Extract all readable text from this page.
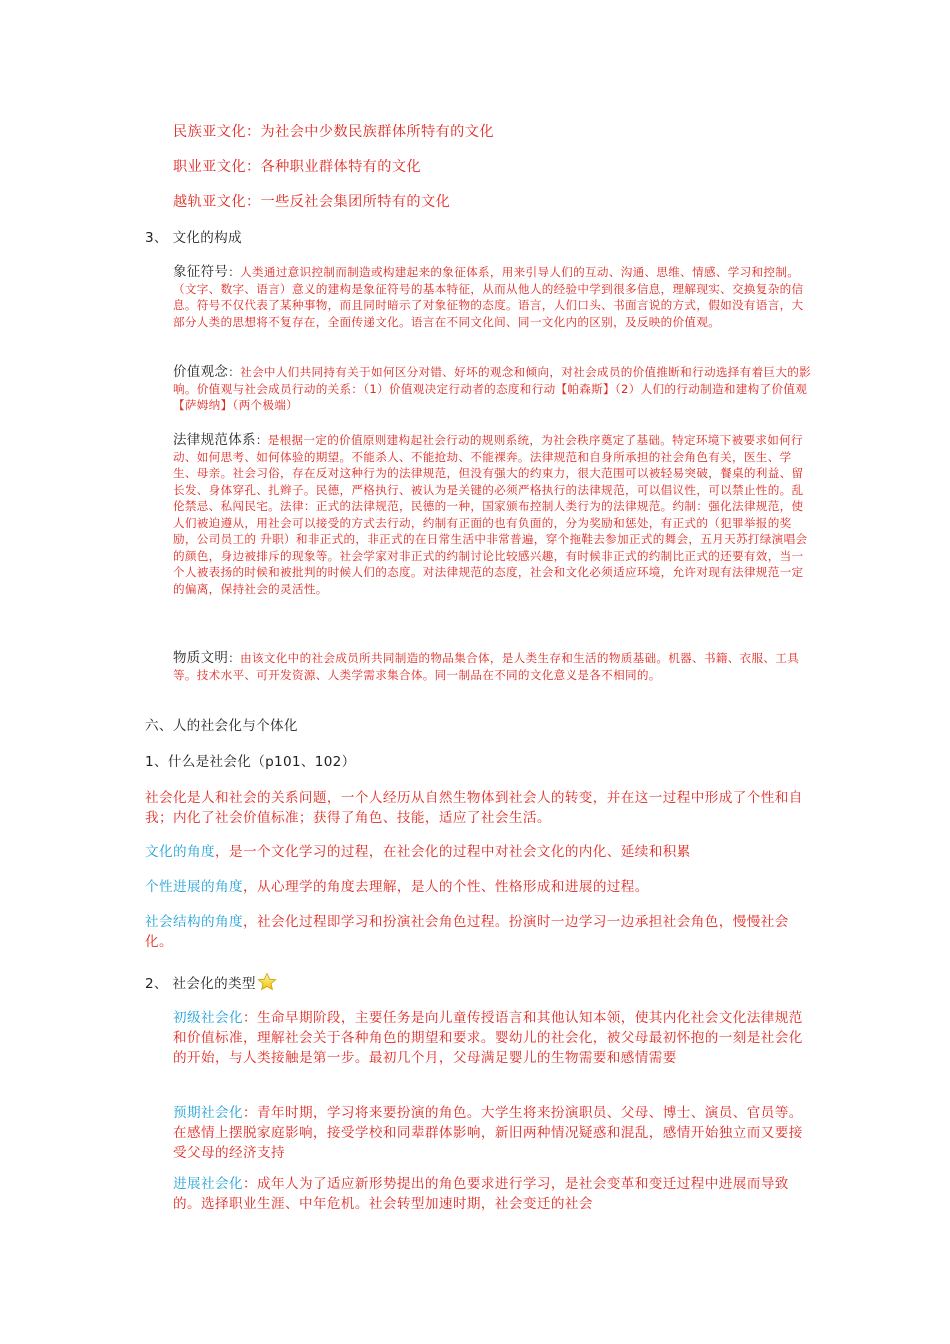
民族亚文化：为社会中少数民族群体所特有的文化

职业亚文化：各种职业群体特有的文化

越轨亚文化：一些反社会集团所特有的文化

3、 文化的构成

象征符号：人类通过意识控制而制造或构建起来的象征体系，用来引导人们的互动、沟通、思维、情感、学习和控制。（文字、数字、语言）意义的建构是象征符号的基本特征，从而从他人的经验中学到很多信息，理解现实、交换复杂的信息。符号不仅代表了某种事物，而且同时暗示了对象征物的态度。语言，人们口头、书面言说的方式，假如没有语言，大部分人类的思想将不复存在，全面传递文化。语言在不同文化间、同一文化内的区别，及反映的价值观。

价值观念：社会中人们共同持有关于如何区分对错、好坏的观念和倾向，对社会成员的价值推断和行动选择有着巨大的影响。价值观与社会成员行动的关系：（1）价值观决定行动者的态度和行动【帕森斯】（2）人们的行动制造和建构了价值观【萨姆纳】（两个极端）

法律规范体系：是根据一定的价值原则建构起社会行动的规则系统，为社会秩序奠定了基础。特定环境下被要求如何行动、如何思考、如何体验的期望。不能杀人、不能抢劫、不能裸奔。法律规范和自身所承担的社会角色有关，医生、学生、母亲。社会习俗，存在反对这种行为的法律规范，但没有强大的约束力，很大范围可以被轻易突破，餐桌的利益、留长发、身体穿孔、扎辫子。民德，严格执行、被认为是关键的必须严格执行的法律规范，可以倡议性，可以禁止性的。乱伦禁忌、私闯民宅。法律：正式的法律规范，民德的一种，国家颁布控制人类行为的法律规范。约制：强化法律规范，使人们被迫遵从，用社会可以接受的方式去行动，约制有正面的也有负面的，分为奖励和惩处，有正式的（犯罪举报的奖励，公司员工的 升职）和非正式的，非正式的在日常生活中非常普遍，穿个拖鞋去参加正式的舞会，五月天苏打绿演唱会的颜色，身边被排斥的现象等。社会学家对非正式的约制讨论比较感兴趣，有时候非正式的约制比正式的还要有效，当一个人被表扬的时候和被批判的时候人们的态度。对法律规范的态度，社会和文化必须适应环境，允许对现有法律规范一定的偏离，保持社会的灵活性。

物质文明：由该文化中的社会成员所共同制造的物品集合体，是人类生存和生活的物质基础。机器、书籍、衣服、工具等。技术水平、可开发资源、人类学需求集合体。同一制品在不同的文化意义是各不相同的。

六、人的社会化与个体化

1、什么是社会化（p101、102）

社会化是人和社会的关系问题，一个人经历从自然生物体到社会人的转变，并在这一过程中形成了个性和自我；内化了社会价值标准；获得了角色、技能，适应了社会生活。

文化的角度，是一个文化学习的过程，在社会化的过程中对社会文化的内化、延续和积累

个性进展的角度，从心理学的角度去理解，是人的个性、性格形成和进展的过程。

社会结构的角度，社会化过程即学习和扮演社会角色过程。扮演时一边学习一边承担社会角色，慢慢社会化。

2、 社会化的类型

初级社会化：生命早期阶段，主要任务是向儿童传授语言和其他认知本领，使其内化社会文化法律规范和价值标准，理解社会关于各种角色的期望和要求。婴幼儿的社会化，被父母最初怀抱的一刻是社会化的开始，与人类接触是第一步。最初几个月，父母满足婴儿的生物需要和感情需要

预期社会化：青年时期，学习将来要扮演的角色。大学生将来扮演职员、父母、博士、演员、官员等。在感情上摆脱家庭影响，接受学校和同辈群体影响，新旧两种情况疑惑和混乱，感情开始独立而又要接受父母的经济支持

进展社会化：成年人为了适应新形势提出的角色要求进行学习，是社会变革和变迁过程中进展而导致的。选择职业生涯、中年危机。社会转型加速时期，社会变迁的社会
